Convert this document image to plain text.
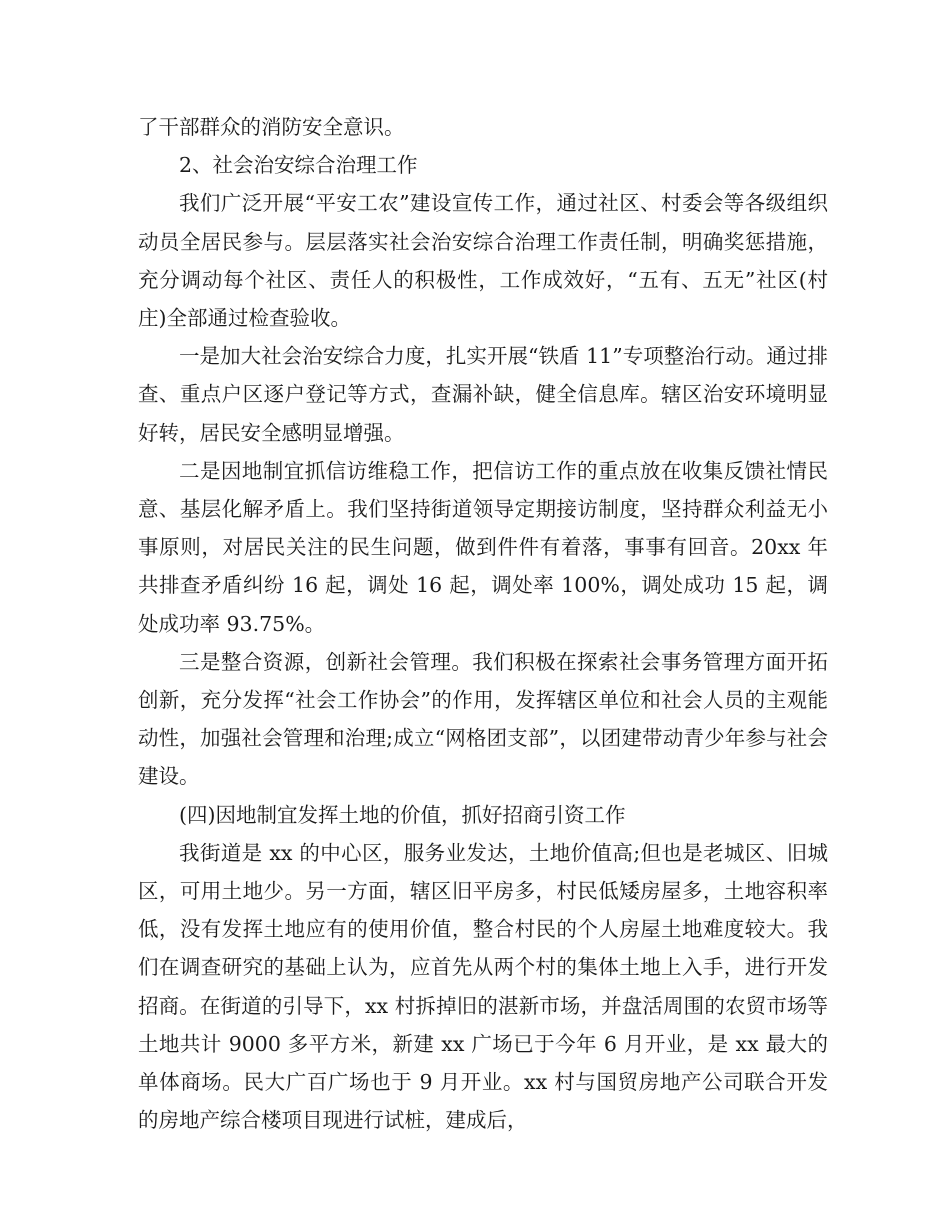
了干部群众的消防安全意识。

2、社会治安综合治理工作

我们广泛开展“平安工农”建设宣传工作，通过社区、村委会等各级组织动员全居民参与。层层落实社会治安综合治理工作责任制，明确奖惩措施，充分调动每个社区、责任人的积极性，工作成效好，“五有、五无”社区(村庄)全部通过检查验收。

一是加大社会治安综合力度，扎实开展“铁盾 11”专项整治行动。通过排查、重点户区逐户登记等方式，查漏补缺，健全信息库。辖区治安环境明显好转，居民安全感明显增强。

二是因地制宜抓信访维稳工作，把信访工作的重点放在收集反馈社情民意、基层化解矛盾上。我们坚持街道领导定期接访制度，坚持群众利益无小事原则，对居民关注的民生问题，做到件件有着落，事事有回音。20xx 年共排查矛盾纠纷 16 起，调处 16 起，调处率 100%，调处成功 15 起，调处成功率 93.75%。

三是整合资源，创新社会管理。我们积极在探索社会事务管理方面开拓创新，充分发挥“社会工作协会”的作用，发挥辖区单位和社会人员的主观能动性，加强社会管理和治理;成立“网格团支部”，以团建带动青少年参与社会建设。

(四)因地制宜发挥土地的价值，抓好招商引资工作

我街道是 xx 的中心区，服务业发达，土地价值高;但也是老城区、旧城区，可用土地少。另一方面，辖区旧平房多，村民低矮房屋多，土地容积率低，没有发挥土地应有的使用价值，整合村民的个人房屋土地难度较大。我们在调查研究的基础上认为，应首先从两个村的集体土地上入手，进行开发招商。在街道的引导下，xx 村拆掉旧的湛新市场，并盘活周围的农贸市场等土地共计 9000 多平方米，新建 xx 广场已于今年 6 月开业，是 xx 最大的单体商场。民大广百广场也于 9 月开业。xx 村与国贸房地产公司联合开发的房地产综合楼项目现进行试桩，建成后，
